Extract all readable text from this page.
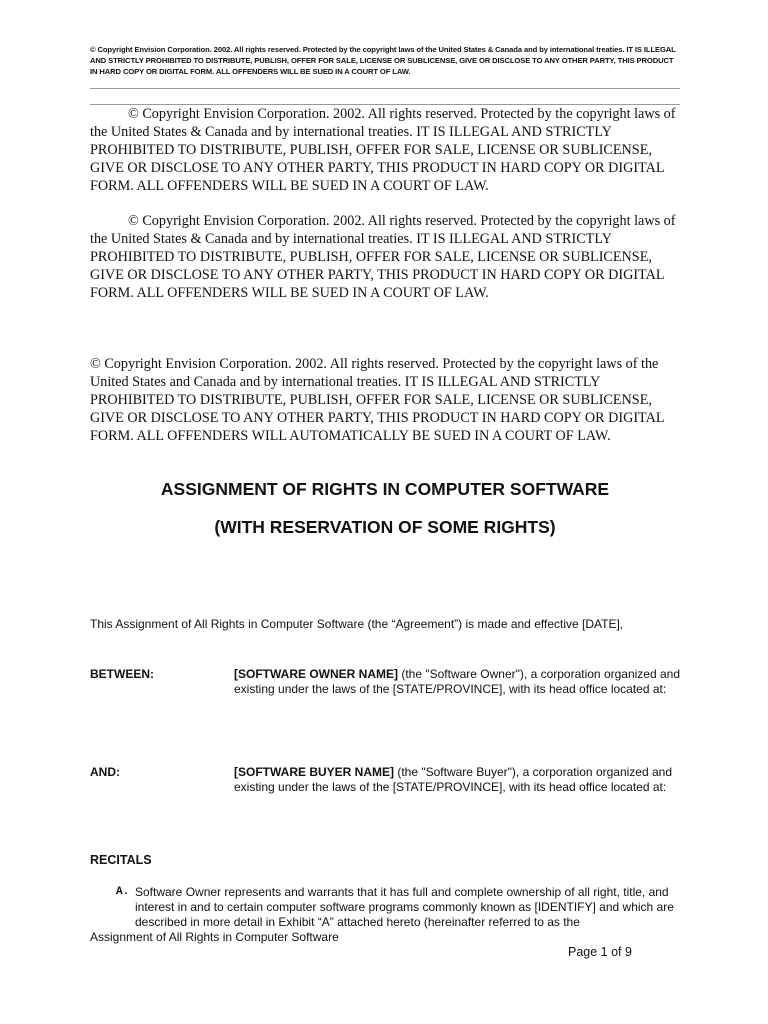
© Copyright Envision Corporation. 2002. All rights reserved. Protected by the copyright laws of the United States & Canada and by international treaties. IT IS ILLEGAL AND STRICTLY PROHIBITED TO DISTRIBUTE, PUBLISH, OFFER FOR SALE, LICENSE OR SUBLICENSE, GIVE OR DISCLOSE TO ANY OTHER PARTY, THIS PRODUCT IN HARD COPY OR DIGITAL FORM. ALL OFFENDERS WILL BE SUED IN A COURT OF LAW.
© Copyright Envision Corporation. 2002. All rights reserved. Protected by the copyright laws of the United States & Canada and by international treaties. IT IS ILLEGAL AND STRICTLY PROHIBITED TO DISTRIBUTE, PUBLISH, OFFER FOR SALE, LICENSE OR SUBLICENSE, GIVE OR DISCLOSE TO ANY OTHER PARTY, THIS PRODUCT IN HARD COPY OR DIGITAL FORM. ALL OFFENDERS WILL BE SUED IN A COURT OF LAW.
© Copyright Envision Corporation. 2002. All rights reserved. Protected by the copyright laws of the United States & Canada and by international treaties. IT IS ILLEGAL AND STRICTLY PROHIBITED TO DISTRIBUTE, PUBLISH, OFFER FOR SALE, LICENSE OR SUBLICENSE, GIVE OR DISCLOSE TO ANY OTHER PARTY, THIS PRODUCT IN HARD COPY OR DIGITAL FORM. ALL OFFENDERS WILL BE SUED IN A COURT OF LAW.
© Copyright Envision Corporation. 2002. All rights reserved. Protected by the copyright laws of the United States and Canada and by international treaties. IT IS ILLEGAL AND STRICTLY PROHIBITED TO DISTRIBUTE, PUBLISH, OFFER FOR SALE, LICENSE OR SUBLICENSE, GIVE OR DISCLOSE TO ANY OTHER PARTY, THIS PRODUCT IN HARD COPY OR DIGITAL FORM. ALL OFFENDERS WILL AUTOMATICALLY BE SUED IN A COURT OF LAW.
ASSIGNMENT OF RIGHTS IN COMPUTER SOFTWARE
(WITH RESERVATION OF SOME RIGHTS)
This Assignment of All Rights in Computer Software (the “Agreement”) is made and effective [DATE],
BETWEEN:	[SOFTWARE OWNER NAME] (the "Software Owner"), a corporation organized and existing under the laws of the [STATE/PROVINCE], with its head office located at:
AND:	[SOFTWARE BUYER NAME] (the "Software Buyer"), a corporation organized and existing under the laws of the [STATE/PROVINCE], with its head office located at:
RECITALS
A. Software Owner represents and warrants that it has full and complete ownership of all right, title, and interest in and to certain computer software programs commonly known as [IDENTIFY] and which are described in more detail in Exhibit “A” attached hereto (hereinafter referred to as the
Assignment of All Rights in Computer Software
Page 1 of 9
